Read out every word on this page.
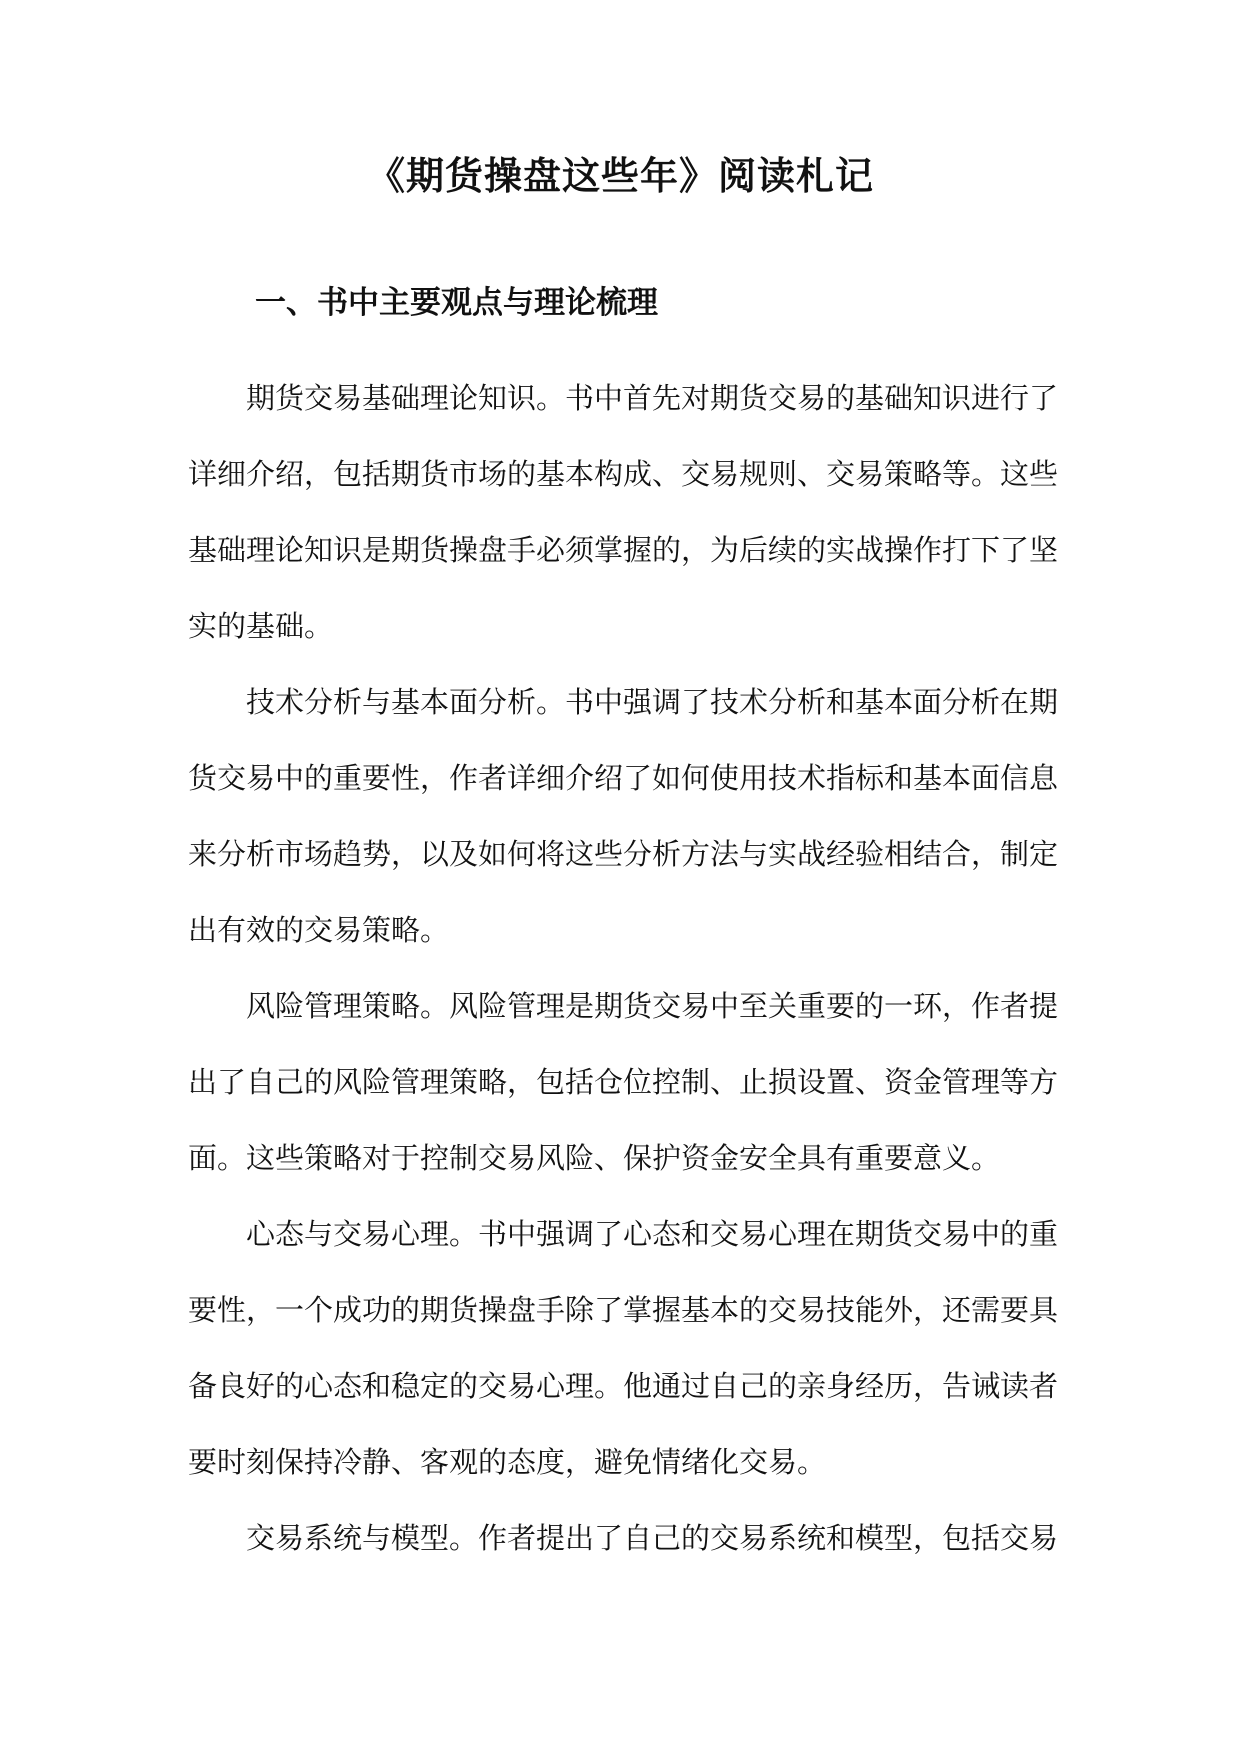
《期货操盘这些年》阅读札记
一、书中主要观点与理论梳理

期货交易基础理论知识。书中首先对期货交易的基础知识进行了详细介绍，包括期货市场的基本构成、交易规则、交易策略等。这些基础理论知识是期货操盘手必须掌握的，为后续的实战操作打下了坚实的基础。

技术分析与基本面分析。书中强调了技术分析和基本面分析在期货交易中的重要性，作者详细介绍了如何使用技术指标和基本面信息来分析市场趋势，以及如何将这些分析方法与实战经验相结合，制定出有效的交易策略。

风险管理策略。风险管理是期货交易中至关重要的一环，作者提出了自己的风险管理策略，包括仓位控制、止损设置、资金管理等方面。这些策略对于控制交易风险、保护资金安全具有重要意义。

心态与交易心理。书中强调了心态和交易心理在期货交易中的重要性，一个成功的期货操盘手除了掌握基本的交易技能外，还需要具备良好的心态和稳定的交易心理。他通过自己的亲身经历，告诫读者要时刻保持冷静、客观的态度，避免情绪化交易。

交易系统与模型。作者提出了自己的交易系统和模型，包括交易
